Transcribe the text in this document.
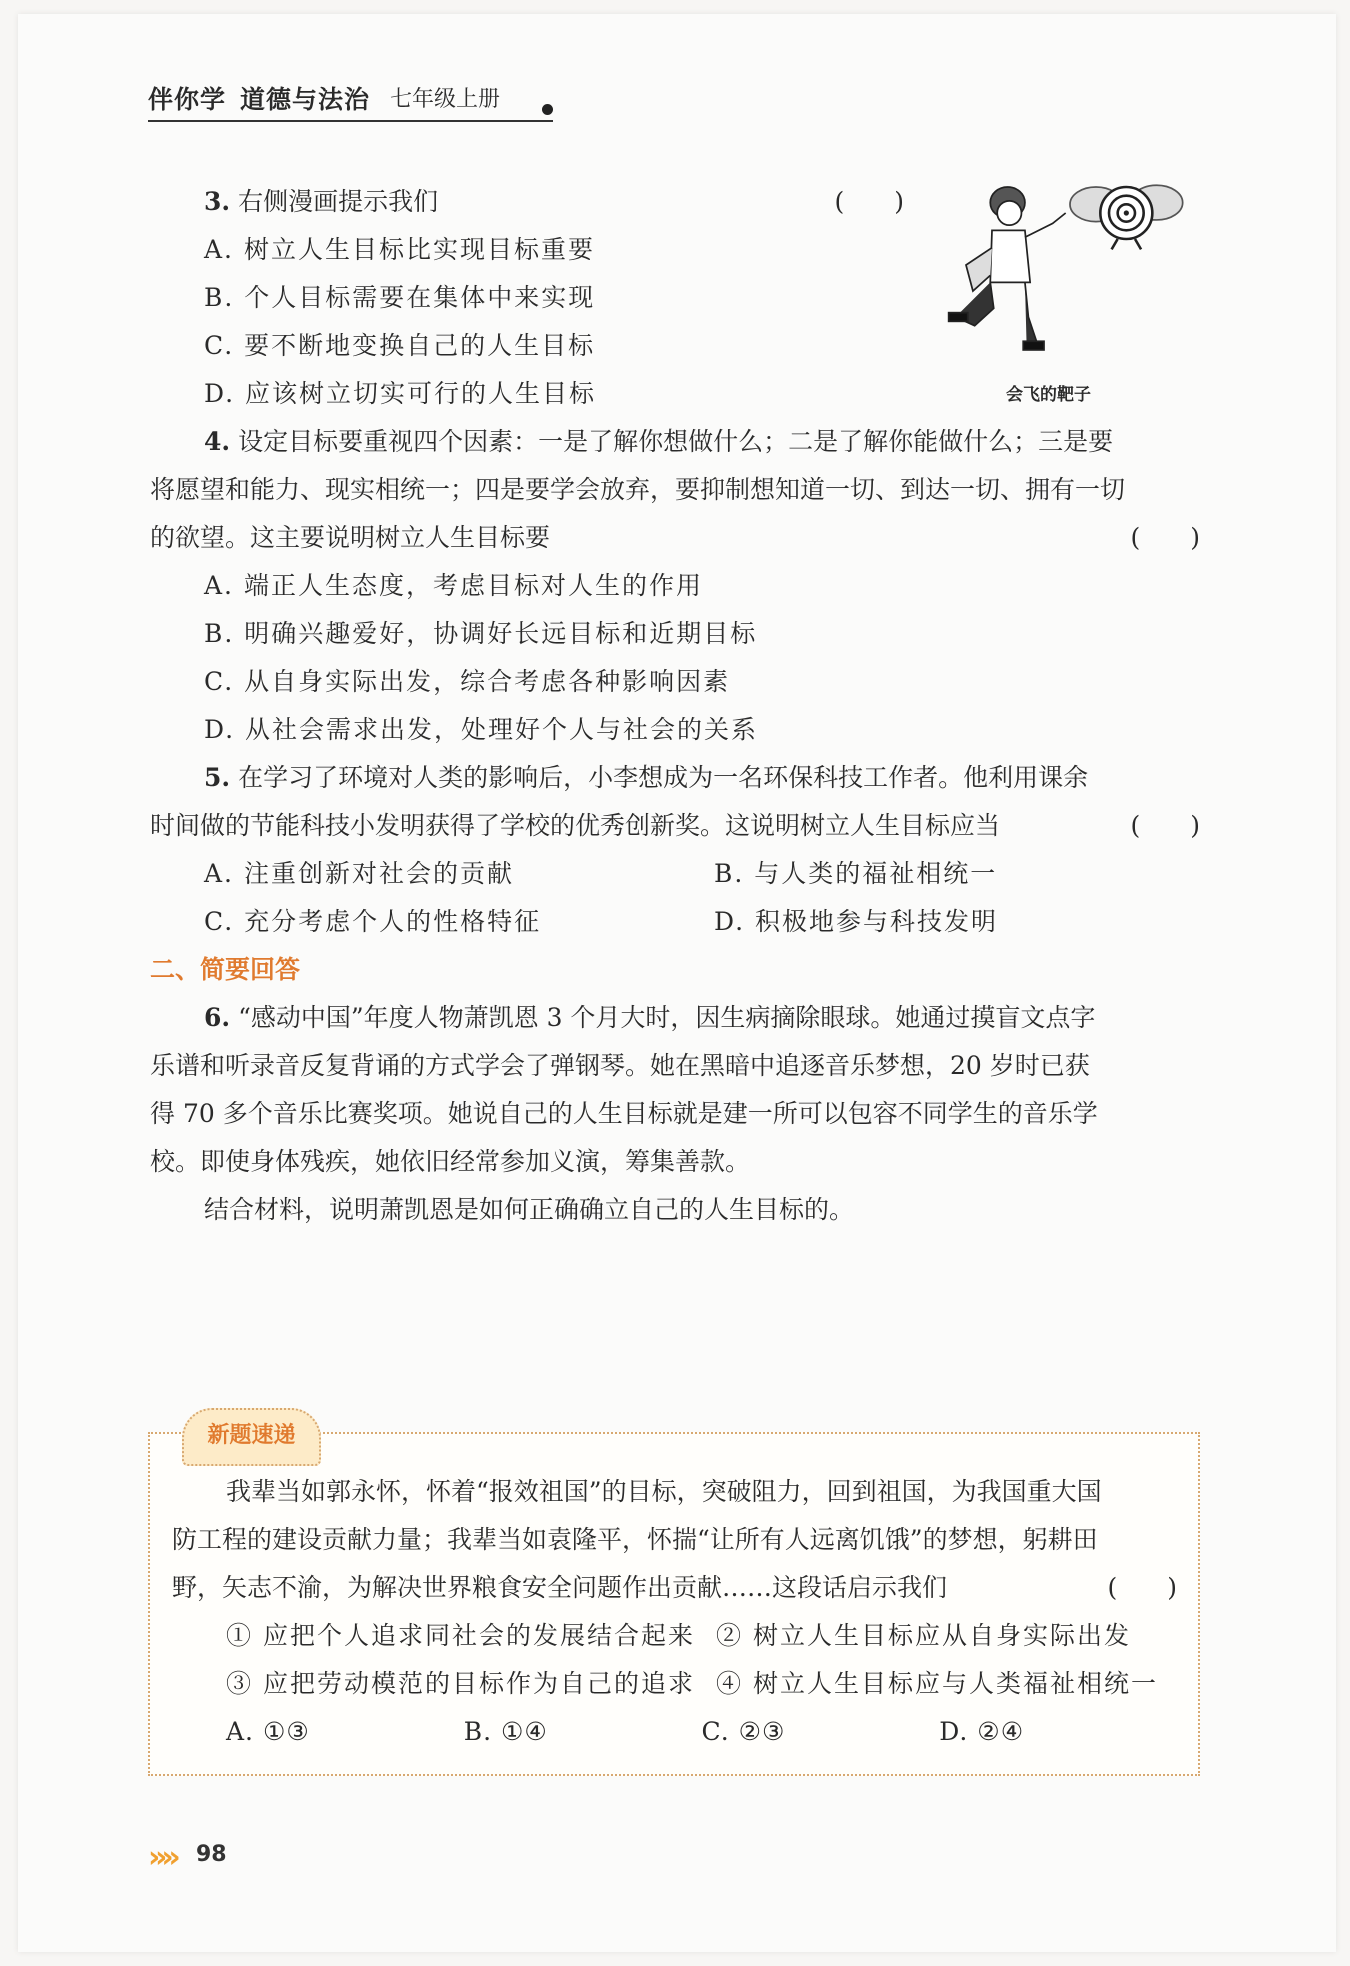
伴你学 道德与法治 七年级上册
会飞的靶子
3. 右侧漫画提示我们	(　　)
A. 树立人生目标比实现目标重要
B. 个人目标需要在集体中来实现
C. 要不断地变换自己的人生目标
D. 应该树立切实可行的人生目标
4. 设定目标要重视四个因素：一是了解你想做什么；二是了解你能做什么；三是要
将愿望和能力、现实相统一；四是要学会放弃，要抑制想知道一切、到达一切、拥有一切
的欲望。这主要说明树立人生目标要	(　　)
A. 端正人生态度，考虑目标对人生的作用
B. 明确兴趣爱好，协调好长远目标和近期目标
C. 从自身实际出发，综合考虑各种影响因素
D. 从社会需求出发，处理好个人与社会的关系
5. 在学习了环境对人类的影响后，小李想成为一名环保科技工作者。他利用课余
时间做的节能科技小发明获得了学校的优秀创新奖。这说明树立人生目标应当	(　　)
A. 注重创新对社会的贡献	B. 与人类的福祉相统一
C. 充分考虑个人的性格特征	D. 积极地参与科技发明
二、简要回答
6. “感动中国”年度人物萧凯恩 3 个月大时，因生病摘除眼球。她通过摸盲文点字
乐谱和听录音反复背诵的方式学会了弹钢琴。她在黑暗中追逐音乐梦想，20 岁时已获
得 70 多个音乐比赛奖项。她说自己的人生目标就是建一所可以包容不同学生的音乐学
校。即使身体残疾，她依旧经常参加义演，筹集善款。
结合材料，说明萧凯恩是如何正确确立自己的人生目标的。
新题速递
我辈当如郭永怀，怀着“报效祖国”的目标，突破阻力，回到祖国，为我国重大国
防工程的建设贡献力量；我辈当如袁隆平，怀揣“让所有人远离饥饿”的梦想，躬耕田
野，矢志不渝，为解决世界粮食安全问题作出贡献……这段话启示我们	(　　)
① 应把个人追求同社会的发展结合起来 ② 树立人生目标应从自身实际出发
③ 应把劳动模范的目标作为自己的追求 ④ 树立人生目标应与人类福祉相统一
A. ①③	B. ①④	C. ②③	D. ②④
»» 98
